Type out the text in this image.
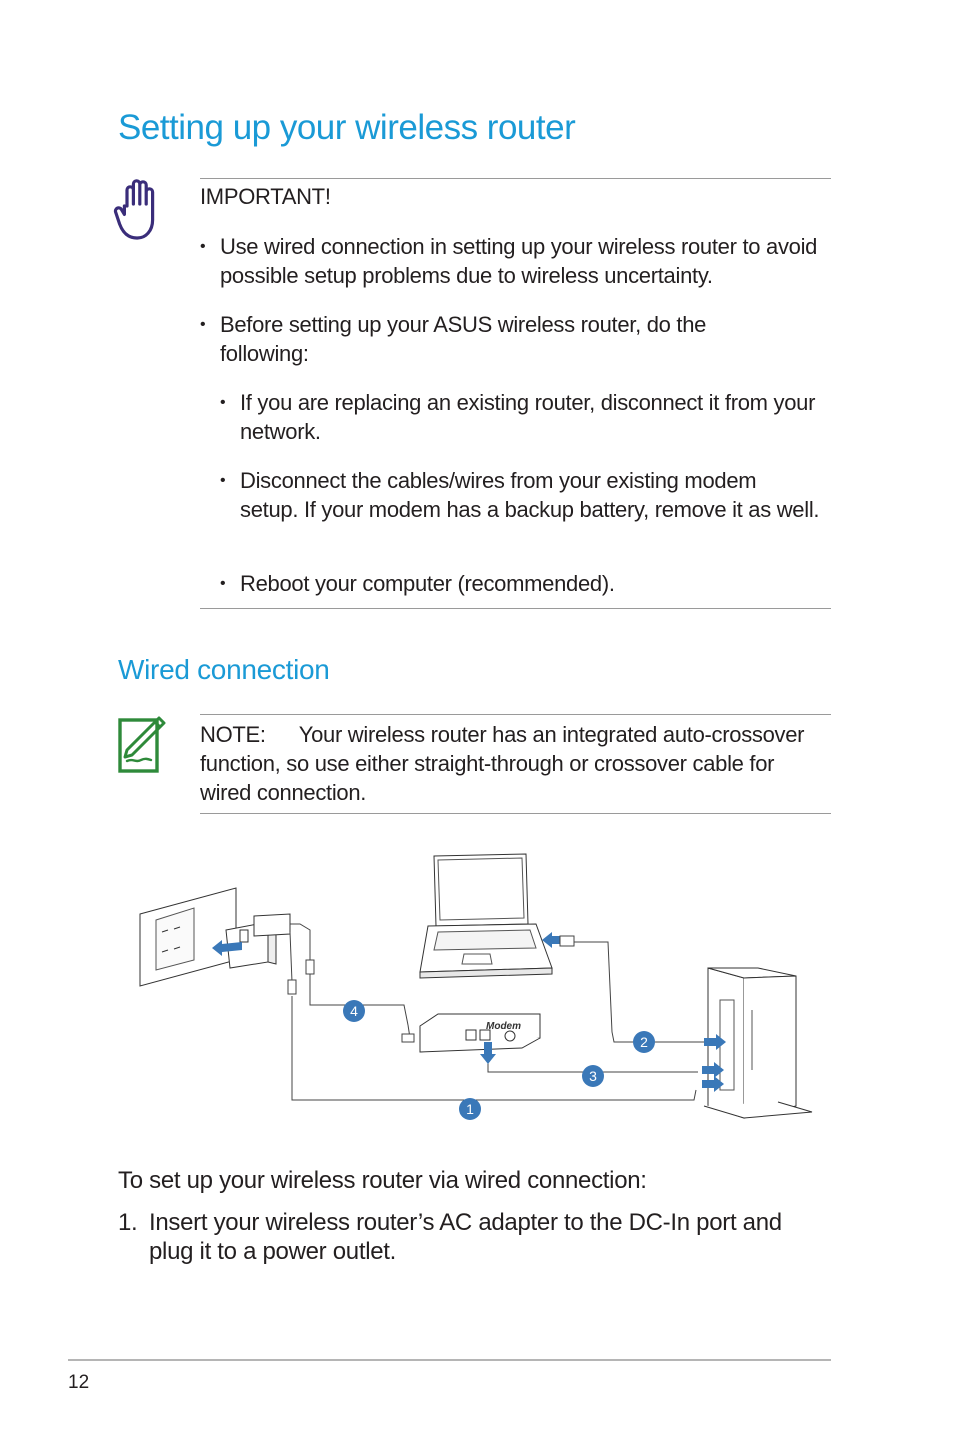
Setting up your wireless router
IMPORTANT!
• Use wired connection in setting up your wireless router to avoid possible setup problems due to wireless uncertainty.
• Before setting up your ASUS wireless router, do the following:
• If you are replacing an existing router, disconnect it from your network.
• Disconnect the cables/wires from your existing modem setup. If your modem has a backup battery, remove it as well.
• Reboot your computer (recommended).
Wired connection
NOTE: Your wireless router has an integrated auto-crossover function, so use either straight-through or crossover cable for wired connection.
Modem
4
2
3
1
To set up your wireless router via wired connection:
1. Insert your wireless router’s AC adapter to the DC-In port and plug it to a power outlet.
12
